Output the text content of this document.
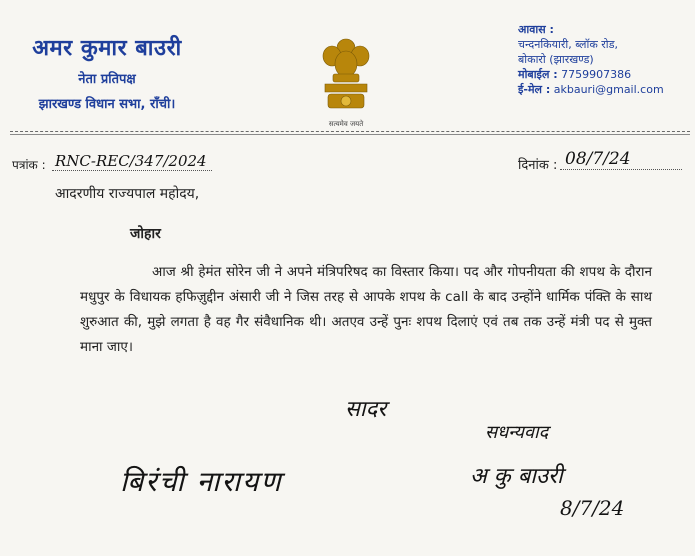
अमर कुमार बाउरी
नेता प्रतिपक्ष
झारखण्ड विधान सभा, राँची।
सत्यमेव जयते
आवास :
चन्दनकियारी, ब्लॉक रोड,
बोकारो (झारखण्ड)
मोबाईल : 7759907386
ई-मेल : akbauri@gmail.com
पत्रांक : RNC-REC/347/2024	दिनांक : 08/7/24
आदरणीय राज्यपाल महोदय,
जोहार
आज श्री हेमंत सोरेन जी ने अपने मंत्रिपरिषद का विस्तार किया। पद और गोपनीयता की शपथ के दौरान मधुपुर के विधायक हफिज़ुद्दीन अंसारी जी ने जिस तरह से आपके शपथ के call के बाद उन्होंने धार्मिक पंक्ति के साथ शुरुआत की, मुझे लगता है वह गैर संवैधानिक थी। अतएव उन्हें पुनः शपथ दिलाएं एवं तब तक उन्हें मंत्री पद से मुक्त माना जाए।
सादर
सधन्यवाद
बिरंची नारायण	अ कु बाउरी
8/7/24
